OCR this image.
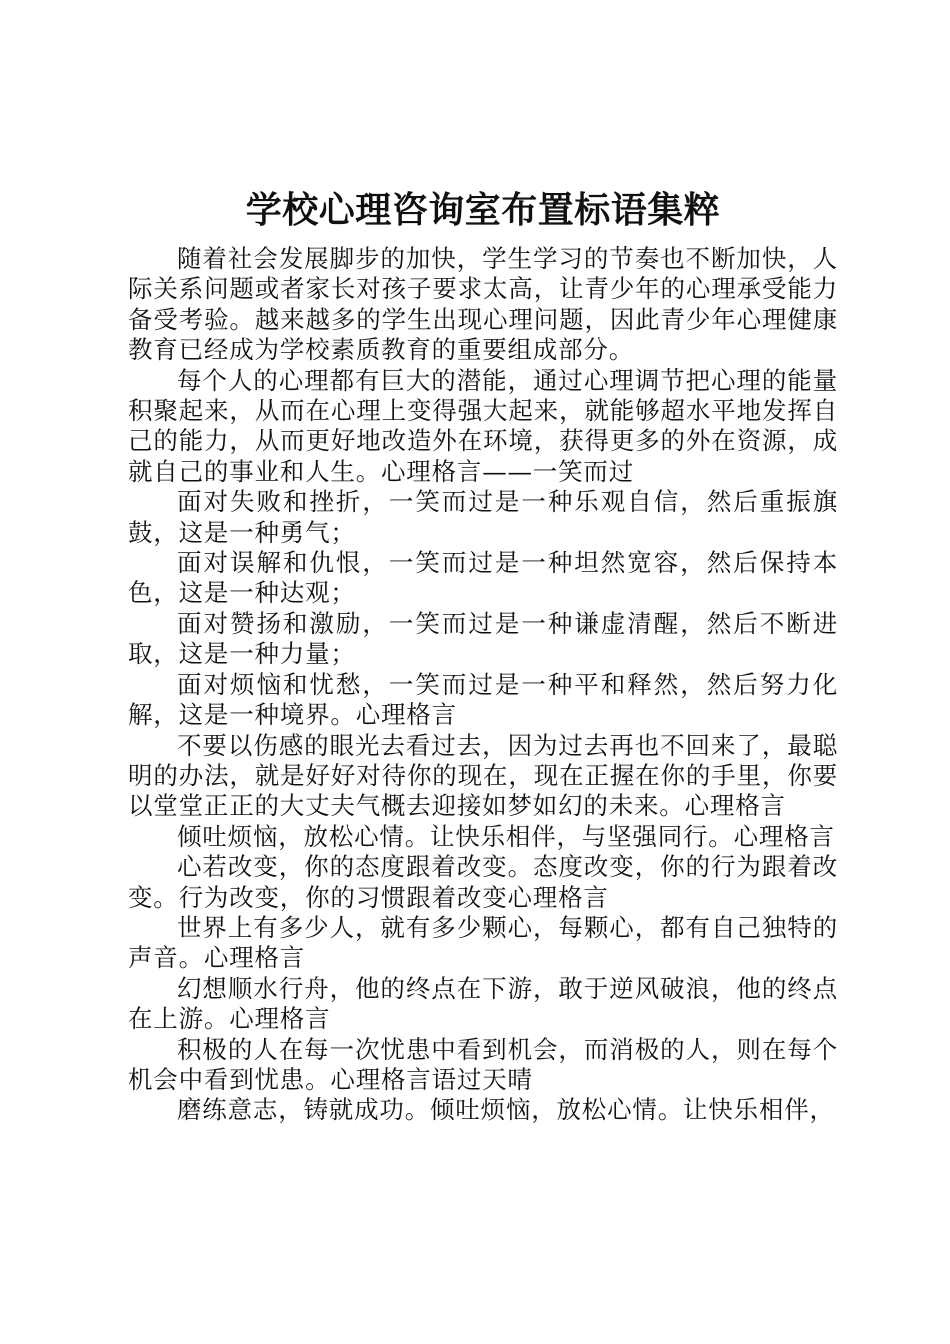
学校心理咨询室布置标语集粹

随着社会发展脚步的加快，学生学习的节奏也不断加快，人际关系问题或者家长对孩子要求太高，让青少年的心理承受能力备受考验。越来越多的学生出现心理问题，因此青少年心理健康教育已经成为学校素质教育的重要组成部分。

每个人的心理都有巨大的潜能，通过心理调节把心理的能量积聚起来，从而在心理上变得强大起来，就能够超水平地发挥自己的能力，从而更好地改造外在环境，获得更多的外在资源，成就自己的事业和人生。心理格言——一笑而过

面对失败和挫折，一笑而过是一种乐观自信，然后重振旗鼓，这是一种勇气；

面对误解和仇恨，一笑而过是一种坦然宽容，然后保持本色，这是一种达观；

面对赞扬和激励，一笑而过是一种谦虚清醒，然后不断进取，这是一种力量；

面对烦恼和忧愁，一笑而过是一种平和释然，然后努力化解，这是一种境界。心理格言

不要以伤感的眼光去看过去，因为过去再也不回来了，最聪明的办法，就是好好对待你的现在，现在正握在你的手里，你要以堂堂正正的大丈夫气概去迎接如梦如幻的未来。心理格言

倾吐烦恼，放松心情。让快乐相伴，与坚强同行。心理格言

心若改变，你的态度跟着改变。态度改变，你的行为跟着改变。行为改变，你的习惯跟着改变心理格言

世界上有多少人，就有多少颗心，每颗心，都有自己独特的声音。心理格言

幻想顺水行舟，他的终点在下游，敢于逆风破浪，他的终点在上游。心理格言

积极的人在每一次忧患中看到机会，而消极的人，则在每个机会中看到忧患。心理格言语过天晴

磨练意志，铸就成功。倾吐烦恼，放松心情。让快乐相伴，
